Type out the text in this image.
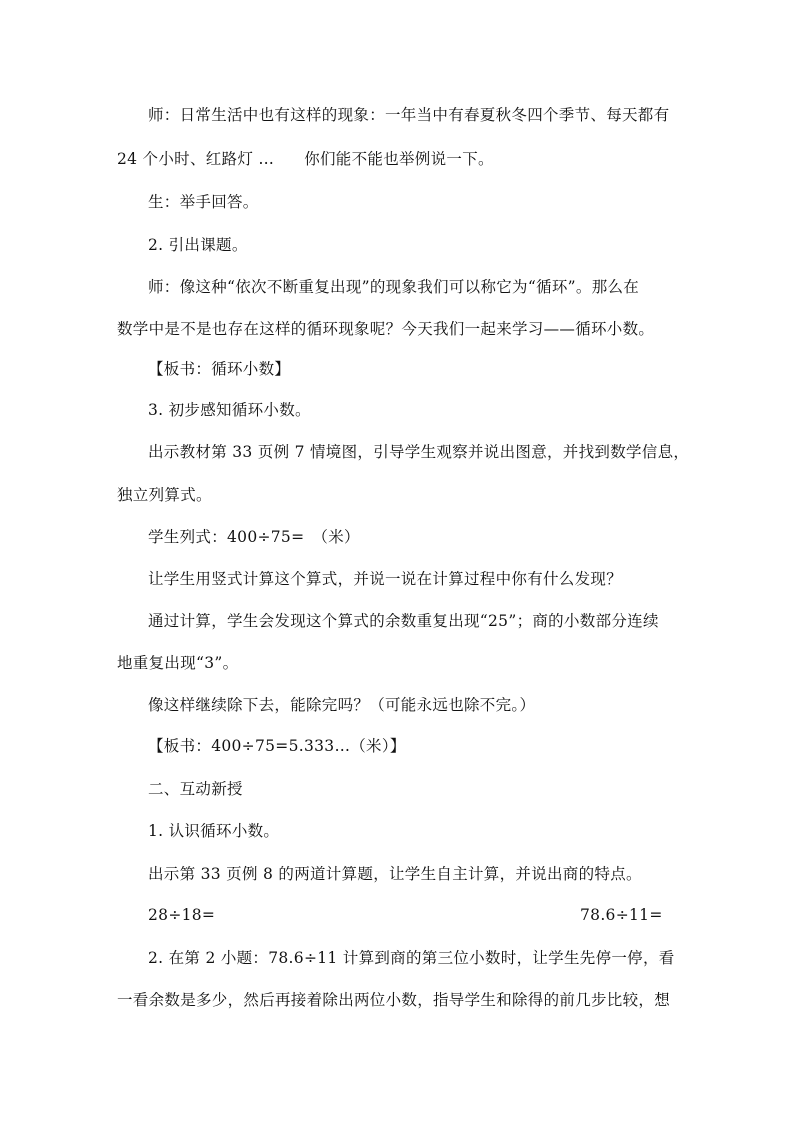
师：日常生活中也有这样的现象：一年当中有春夏秋冬四个季节、每天都有
24 个小时、红路灯 … 你们能不能也举例说一下。
生：举手回答。
2. 引出课题。
师：像这种“依次不断重复出现”的现象我们可以称它为“循环”。那么在
数学中是不是也存在这样的循环现象呢？今天我们一起来学习——循环小数。
【板书：循环小数】
3. 初步感知循环小数。
出示教材第 33 页例 7 情境图，引导学生观察并说出图意，并找到数学信息，
独立列算式。
学生列式：400÷75=　（米）
让学生用竖式计算这个算式，并说一说在计算过程中你有什么发现？
通过计算，学生会发现这个算式的余数重复出现“25”；商的小数部分连续
地重复出现“3”。
像这样继续除下去，能除完吗？（可能永远也除不完。）
【板书：400÷75=5.333…（米）】
二、互动新授
1. 认识循环小数。
出示第 33 页例 8 的两道计算题，让学生自主计算，并说出商的特点。
28÷18=	78.6÷11=
2. 在第 2 小题：78.6÷11 计算到商的第三位小数时，让学生先停一停，看
一看余数是多少，然后再接着除出两位小数，指导学生和除得的前几步比较，想
